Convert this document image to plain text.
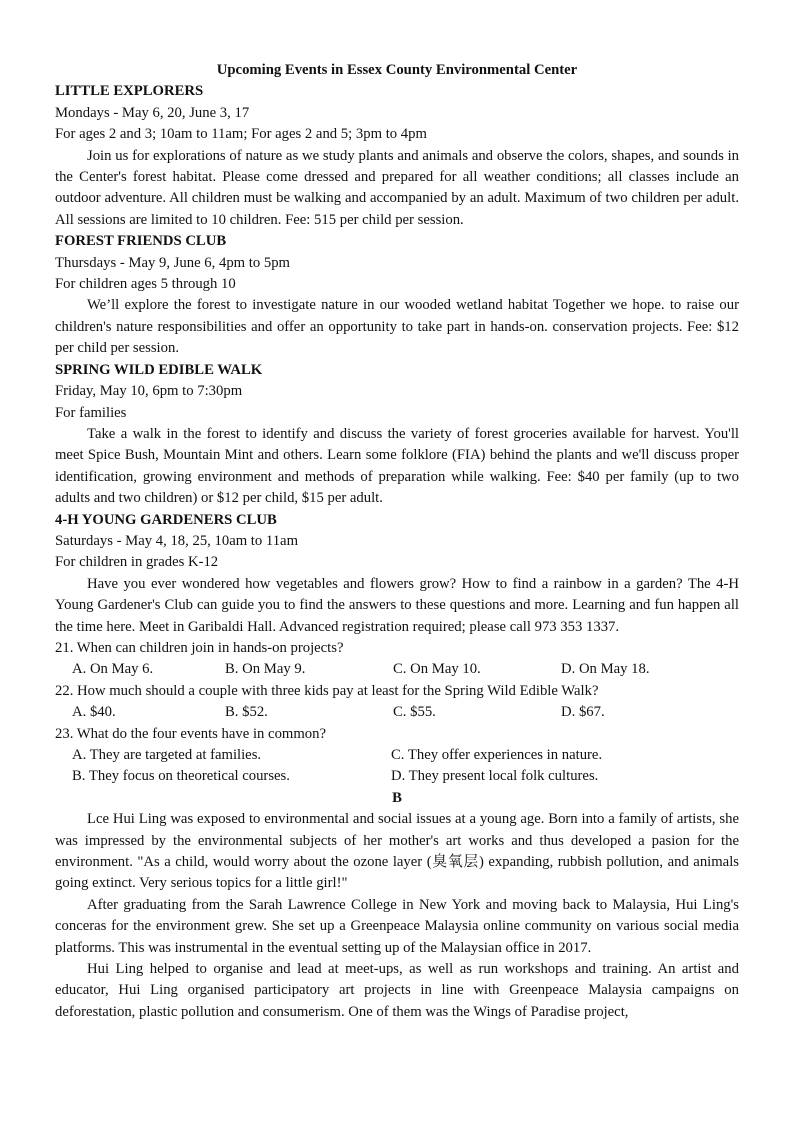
Upcoming Events in Essex County Environmental Center
LITTLE EXPLORERS
Mondays - May 6, 20, June 3, 17
For ages 2 and 3; 10am to 11am; For ages 2 and 5; 3pm to 4pm
Join us for explorations of nature as we study plants and animals and observe the colors, shapes, and sounds in the Center's forest habitat. Please come dressed and prepared for all weather conditions; all classes include an outdoor adventure. All children must be walking and accompanied by an adult. Maximum of two children per adult. All sessions are limited to 10 children. Fee: 515 per child per session.
FOREST FRIENDS CLUB
Thursdays - May 9, June 6, 4pm to 5pm
For children ages 5 through 10
We’ll explore the forest to investigate nature in our wooded wetland habitat Together we hope. to raise our children's nature responsibilities and offer an opportunity to take part in hands-on. conservation projects. Fee: $12 per child per session.
SPRING WILD EDIBLE WALK
Friday, May 10, 6pm to 7:30pm
For families
Take a walk in the forest to identify and discuss the variety of forest groceries available for harvest. You'll meet Spice Bush, Mountain Mint and others. Learn some folklore (FIA) behind the plants and we'll discuss proper identification, growing environment and methods of preparation while walking. Fee: $40 per family (up to two adults and two children) or $12 per child, $15 per adult.
4-H YOUNG GARDENERS CLUB
Saturdays - May 4, 18, 25, 10am to 11am
For children in grades K-12
Have you ever wondered how vegetables and flowers grow? How to find a rainbow in a garden? The 4-H Young Gardener's Club can guide you to find the answers to these questions and more. Learning and fun happen all the time here. Meet in Garibaldi Hall. Advanced registration required; please call 973 353 1337.
21. When can children join in hands-on projects?
A. On May 6.	B. On May 9.	C. On May 10.	D. On May 18.
22. How much should a couple with three kids pay at least for the Spring Wild Edible Walk?
A. $40.	B. $52.	C. $55.	D. $67.
23. What do the four events have in common?
A. They are targeted at families.	C. They offer experiences in nature.
B. They focus on theoretical courses.	D. They present local folk cultures.
B
Lce Hui Ling was exposed to environmental and social issues at a young age. Born into a family of artists, she was impressed by the environmental subjects of her mother's art works and thus developed a pasion for the environment. "As a child, would worry about the ozone layer (臭氧层) expanding, rubbish pollution, and animals going extinct. Very serious topics for a little girl!"
After graduating from the Sarah Lawrence College in New York and moving back to Malaysia, Hui Ling's conceras for the environment grew. She set up a Greenpeace Malaysia online community on various social media platforms. This was instrumental in the eventual setting up of the Malaysian office in 2017.
Hui Ling helped to organise and lead at meet-ups, as well as run workshops and training. An artist and educator, Hui Ling organised participatory art projects in line with Greenpeace Malaysia campaigns on deforestation, plastic pollution and consumerism. One of them was the Wings of Paradise project,
